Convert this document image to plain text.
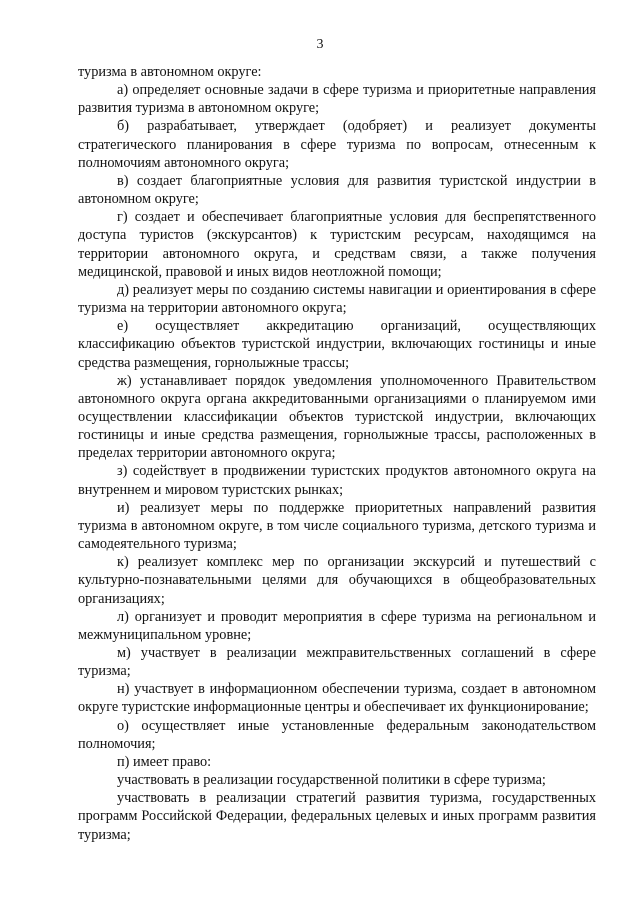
3

туризма в автономном округе:

а) определяет основные задачи в сфере туризма и приоритетные направления развития туризма в автономном округе;

б) разрабатывает, утверждает (одобряет) и реализует документы стратегического планирования в сфере туризма по вопросам, отнесенным к полномочиям автономного округа;

в) создает благоприятные условия для развития туристской индустрии в автономном округе;

г) создает и обеспечивает благоприятные условия для беспрепятственного доступа туристов (экскурсантов) к туристским ресурсам, находящимся на территории автономного округа, и средствам связи, а также получения медицинской, правовой и иных видов неотложной помощи;

д) реализует меры по созданию системы навигации и ориентирования в сфере туризма на территории автономного округа;

е) осуществляет аккредитацию организаций, осуществляющих классификацию объектов туристской индустрии, включающих гостиницы и иные средства размещения, горнолыжные трассы;

ж) устанавливает порядок уведомления уполномоченного Правительством автономного округа органа аккредитованными организациями о планируемом ими осуществлении классификации объектов туристской индустрии, включающих гостиницы и иные средства размещения, горнолыжные трассы, расположенных в пределах территории автономного округа;

з) содействует в продвижении туристских продуктов автономного округа на внутреннем и мировом туристских рынках;

и) реализует меры по поддержке приоритетных направлений развития туризма в автономном округе, в том числе социального туризма, детского туризма и самодеятельного туризма;

к) реализует комплекс мер по организации экскурсий и путешествий с культурно-познавательными целями для обучающихся в общеобразовательных организациях;

л) организует и проводит мероприятия в сфере туризма на региональном и межмуниципальном уровне;

м) участвует в реализации межправительственных соглашений в сфере туризма;

н) участвует в информационном обеспечении туризма, создает в автономном округе туристские информационные центры и обеспечивает их функционирование;

о) осуществляет иные установленные федеральным законодательством полномочия;

п) имеет право:

участвовать в реализации государственной политики в сфере туризма;

участвовать в реализации стратегий развития туризма, государственных программ Российской Федерации, федеральных целевых и иных программ развития туризма;
